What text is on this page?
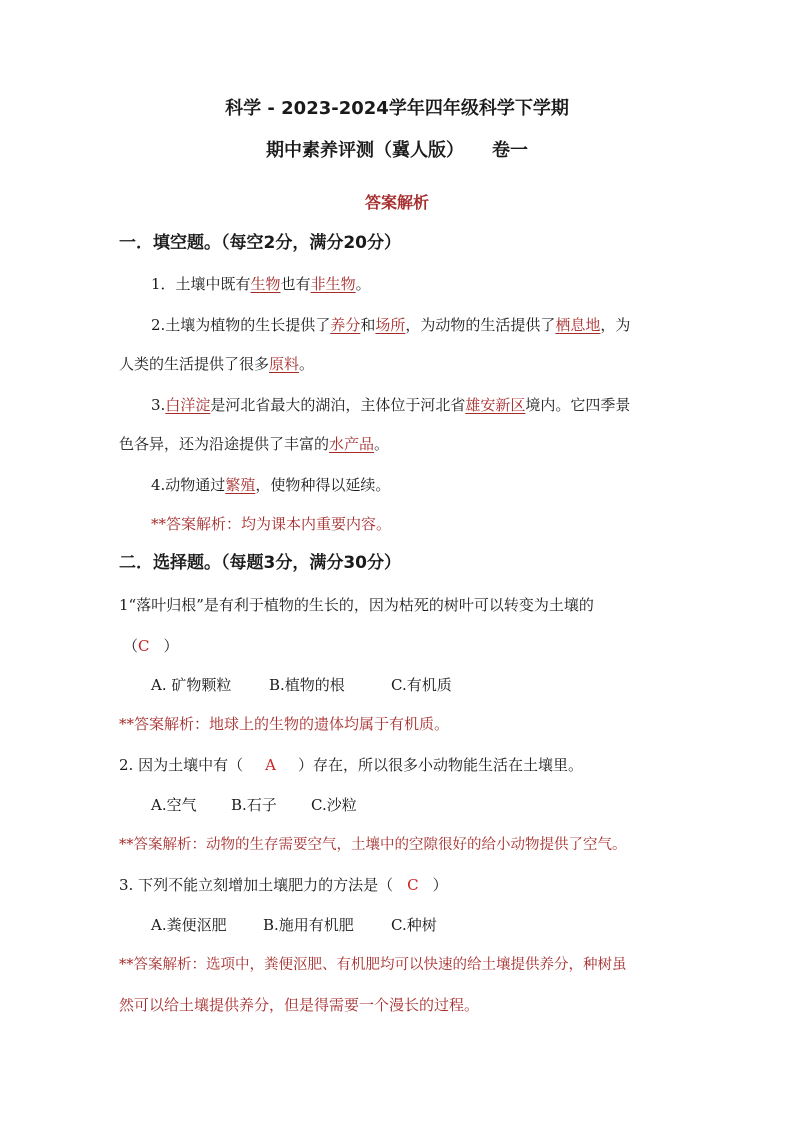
科学 - 2023-2024学年四年级科学下学期
期中素养评测（冀人版） 卷一
答案解析
一．填空题。（每空2分，满分20分）
1．土壤中既有生物也有非生物。
2.土壤为植物的生长提供了养分和场所，为动物的生活提供了栖息地，为
人类的生活提供了很多原料。
3.白洋淀是河北省最大的湖泊，主体位于河北省雄安新区境内。它四季景
色各异，还为沿途提供了丰富的水产品。
4.动物通过繁殖，使物种得以延续。
**答案解析：均为课本内重要内容。
二．选择题。（每题3分，满分30分）
1“落叶归根”是有利于植物的生长的，因为枯死的树叶可以转变为土壤的
（C ）
A. 矿物颗粒	B.植物的根	C.有机质
**答案解析：地球上的生物的遗体均属于有机质。
2. 因为土壤中有（ A ）存在，所以很多小动物能生活在土壤里。
A.空气 B.石子 C.沙粒
**答案解析：动物的生存需要空气，土壤中的空隙很好的给小动物提供了空气。
3. 下列不能立刻增加土壤肥力的方法是（ C ）
A.粪便沤肥 B.施用有机肥 C.种树
**答案解析：选项中，粪便沤肥、有机肥均可以快速的给土壤提供养分，种树虽
然可以给土壤提供养分，但是得需要一个漫长的过程。
